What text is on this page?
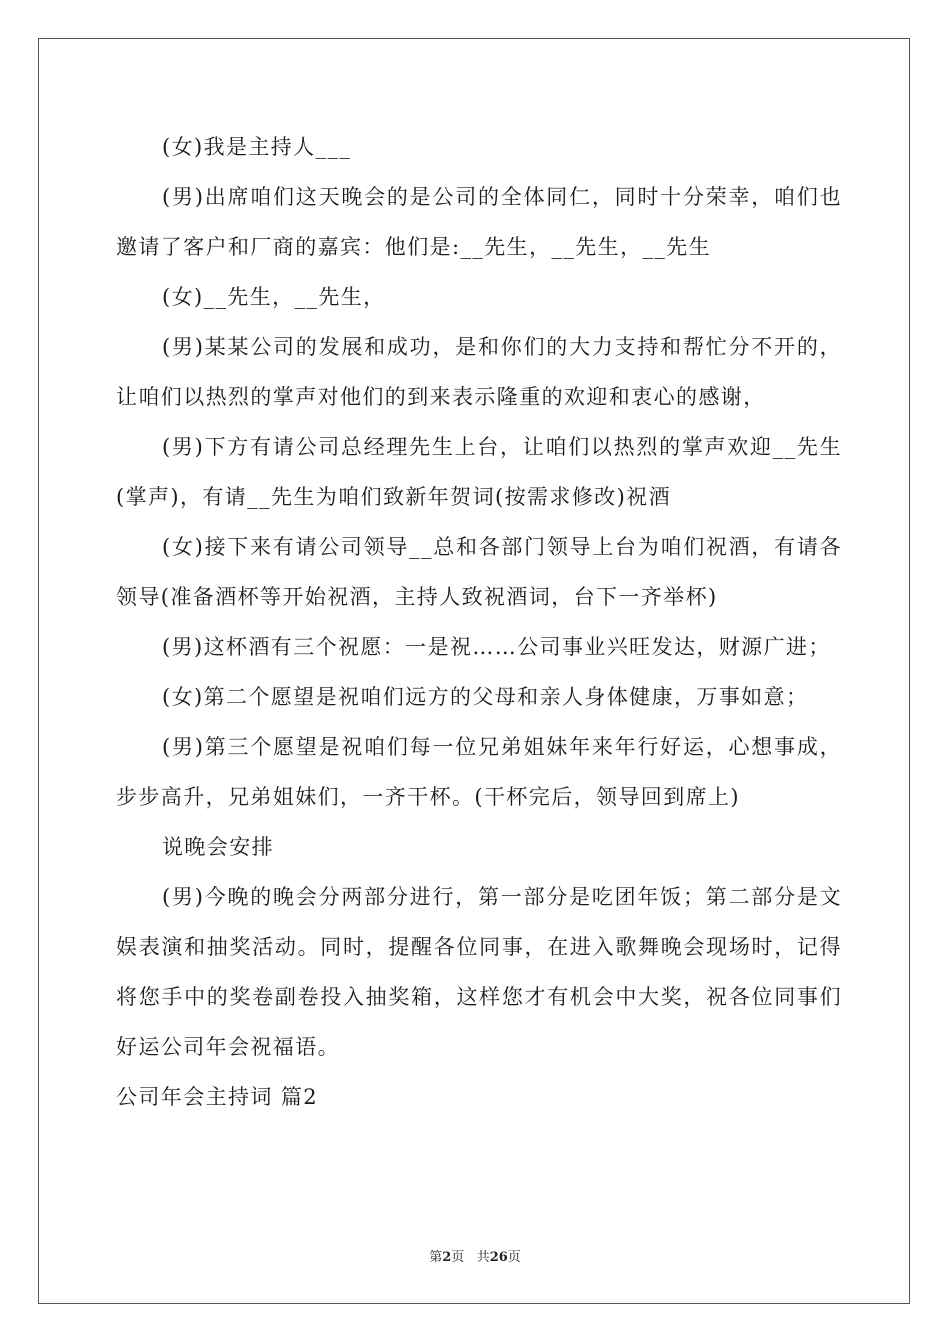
(女)我是主持人___

(男)出席咱们这天晚会的是公司的全体同仁，同时十分荣幸，咱们也邀请了客户和厂商的嘉宾：他们是:__先生，__先生，__先生

(女)__先生，__先生，

(男)某某公司的发展和成功，是和你们的大力支持和帮忙分不开的，让咱们以热烈的掌声对他们的到来表示隆重的欢迎和衷心的感谢，

(男)下方有请公司总经理先生上台，让咱们以热烈的掌声欢迎__先生(掌声)，有请__先生为咱们致新年贺词(按需求修改)祝酒

(女)接下来有请公司领导__总和各部门领导上台为咱们祝酒，有请各领导(准备酒杯等开始祝酒，主持人致祝酒词，台下一齐举杯)

(男)这杯酒有三个祝愿：一是祝……公司事业兴旺发达，财源广进；

(女)第二个愿望是祝咱们远方的父母和亲人身体健康，万事如意；

(男)第三个愿望是祝咱们每一位兄弟姐妹年来年行好运，心想事成，步步高升，兄弟姐妹们，一齐干杯。(干杯完后，领导回到席上)

说晚会安排

(男)今晚的晚会分两部分进行，第一部分是吃团年饭；第二部分是文娱表演和抽奖活动。同时，提醒各位同事，在进入歌舞晚会现场时，记得将您手中的奖卷副卷投入抽奖箱，这样您才有机会中大奖，祝各位同事们好运公司年会祝福语。

公司年会主持词 篇2

第2页 共26页
